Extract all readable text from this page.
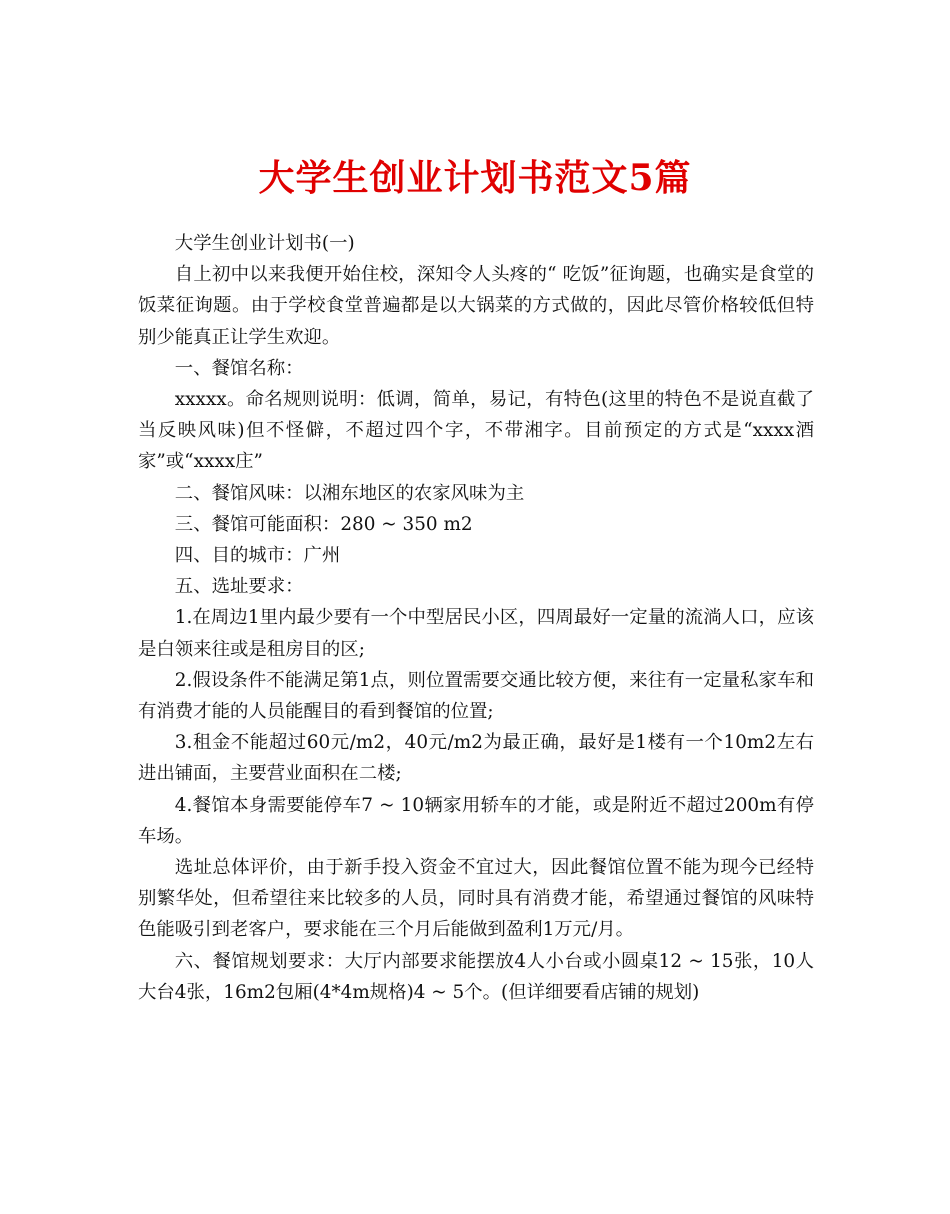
大学生创业计划书范文5篇

大学生创业计划书(一)

自上初中以来我便开始住校，深知令人头疼的“ 吃饭”征询题，也确实是食堂的饭菜征询题。由于学校食堂普遍都是以大锅菜的方式做的，因此尽管价格较低但特别少能真正让学生欢迎。

一、餐馆名称：

xxxxx。命名规则说明：低调，简单，易记，有特色(这里的特色不是说直截了当反映风味)但不怪僻，不超过四个字，不带湘字。目前预定的方式是“xxxx酒家”或“xxxx庄”

二、餐馆风味：以湘东地区的农家风味为主

三、餐馆可能面积：280 ~ 350 m2

四、目的城市：广州

五、选址要求：

1.在周边1里内最少要有一个中型居民小区，四周最好一定量的流淌人口，应该是白领来往或是租房目的区;

2.假设条件不能满足第1点，则位置需要交通比较方便，来往有一定量私家车和有消费才能的人员能醒目的看到餐馆的位置;

3.租金不能超过60元/m2，40元/m2为最正确，最好是1楼有一个10m2左右进出铺面，主要营业面积在二楼;

4.餐馆本身需要能停车7 ~ 10辆家用轿车的才能，或是附近不超过200m有停车场。

选址总体评价，由于新手投入资金不宜过大，因此餐馆位置不能为现今已经特别繁华处，但希望往来比较多的人员，同时具有消费才能，希望通过餐馆的风味特色能吸引到老客户，要求能在三个月后能做到盈利1万元/月。

六、餐馆规划要求：大厅内部要求能摆放4人小台或小圆桌12 ~ 15张，10人大台4张，16m2包厢(4*4m规格)4 ~ 5个。(但详细要看店铺的规划)
